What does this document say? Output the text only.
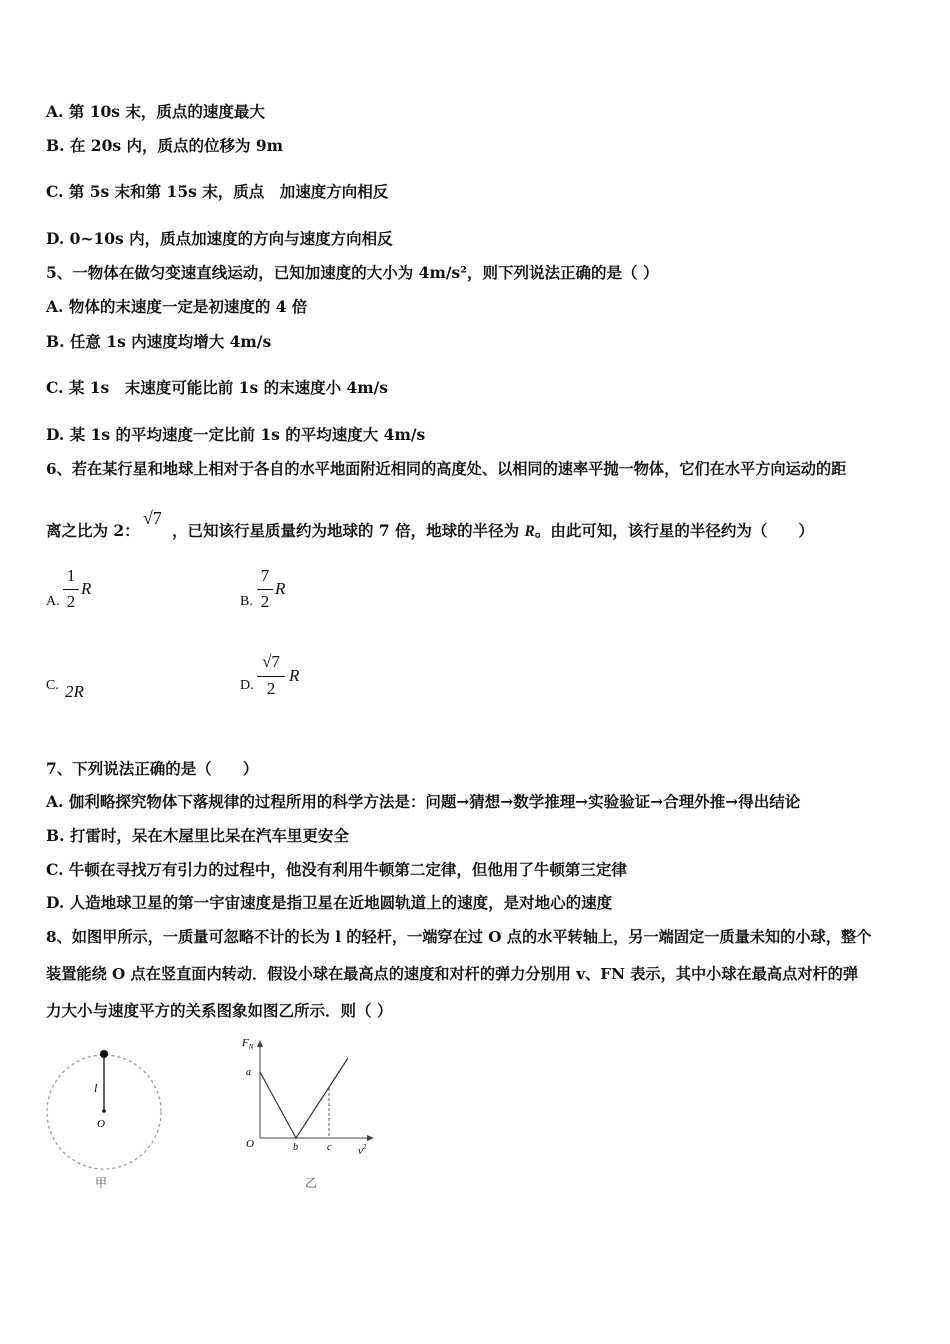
A. 第 10s 末，质点的速度最大
B. 在 20s 内，质点的位移为 9m
C. 第 5s 末和第 15s 末，质点　加速度方向相反
D. 0~10s 内，质点加速度的方向与速度方向相反
5、一物体在做匀变速直线运动，已知加速度的大小为 4m/s²，则下列说法正确的是（ ）
A. 物体的末速度一定是初速度的 4 倍
B. 任意 1s 内速度均增大 4m/s
C. 某 1s　末速度可能比前 1s 的末速度小 4m/s
D. 某 1s 的平均速度一定比前 1s 的平均速度大 4m/s
6、若在某行星和地球上相对于各自的水平地面附近相同的高度处、以相同的速率平抛一物体，它们在水平方向运动的距
离之比为 2：
√7
，已知该行星质量约为地球的 7 倍，地球的半径为 R。由此可知，该行星的半径约为（　　）
A.
1
2
R
B.
7
2
R
C. 2R	D.
√7
2
R
7、下列说法正确的是（　　）
A. 伽利略探究物体下落规律的过程所用的科学方法是：问题→猜想→数学推理→实验验证→合理外推→得出结论
B. 打雷时，呆在木屋里比呆在汽车里更安全
C. 牛顿在寻找万有引力的过程中，他没有利用牛顿第二定律，但他用了牛顿第三定律
D. 人造地球卫星的第一宇宙速度是指卫星在近地圆轨道上的速度，是对地心的速度
8、如图甲所示，一质量可忽略不计的长为 l 的轻杆，一端穿在过 O 点的水平转轴上，另一端固定一质量未知的小球，整个
装置能绕 O 点在竖直面内转动．假设小球在最高点的速度和对杆的弹力分别用 v、FN 表示，其中小球在最高点对杆的弹
力大小与速度平方的关系图象如图乙所示．则（ ）
l
O
甲
$F_N$
a
O	b	c $v^2$
乙
